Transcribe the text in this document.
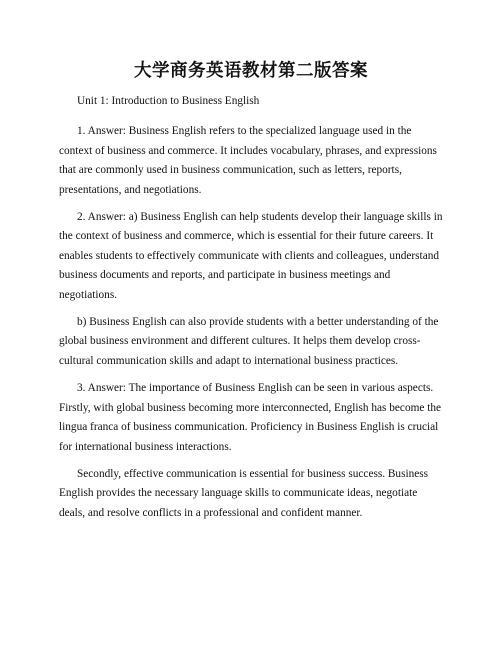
大学商务英语教材第二版答案

Unit 1: Introduction to Business English

1. Answer: Business English refers to the specialized language used in the context of business and commerce. It includes vocabulary, phrases, and expressions that are commonly used in business communication, such as letters, reports, presentations, and negotiations.

2. Answer: a) Business English can help students develop their language skills in the context of business and commerce, which is essential for their future careers. It enables students to effectively communicate with clients and colleagues, understand business documents and reports, and participate in business meetings and negotiations.

b) Business English can also provide students with a better understanding of the global business environment and different cultures. It helps them develop cross-cultural communication skills and adapt to international business practices.

3. Answer: The importance of Business English can be seen in various aspects. Firstly, with global business becoming more interconnected, English has become the lingua franca of business communication. Proficiency in Business English is crucial for international business interactions.

Secondly, effective communication is essential for business success. Business English provides the necessary language skills to communicate ideas, negotiate deals, and resolve conflicts in a professional and confident manner.
